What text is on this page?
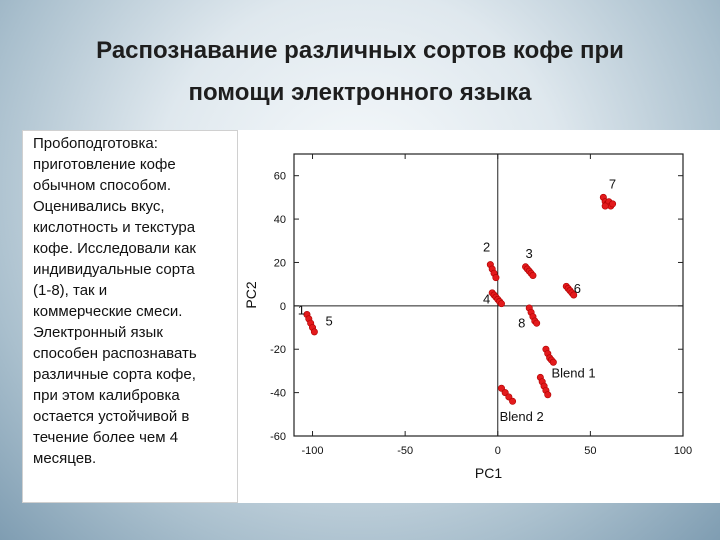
Распознавание различных сортов кофе при
помощи электронного языка

Пробоподготовка:
приготовление кофе
обычном способом.
Оценивались вкус,
кислотность и текстура
кофе. Исследовали как
индивидуальные сорта
(1-8), так и
коммерческие смеси.
Электронный язык
способен распознавать
различные сорта кофе,
при этом калибровка
остается устойчивой в
течение более чем 4
месяцев.	-100	-50	0	50	100
-60
-40
-20
0
20
40
60
PC1
PC2
1
5
2	3
4
8
6
7
Blend 1
Blend 2
